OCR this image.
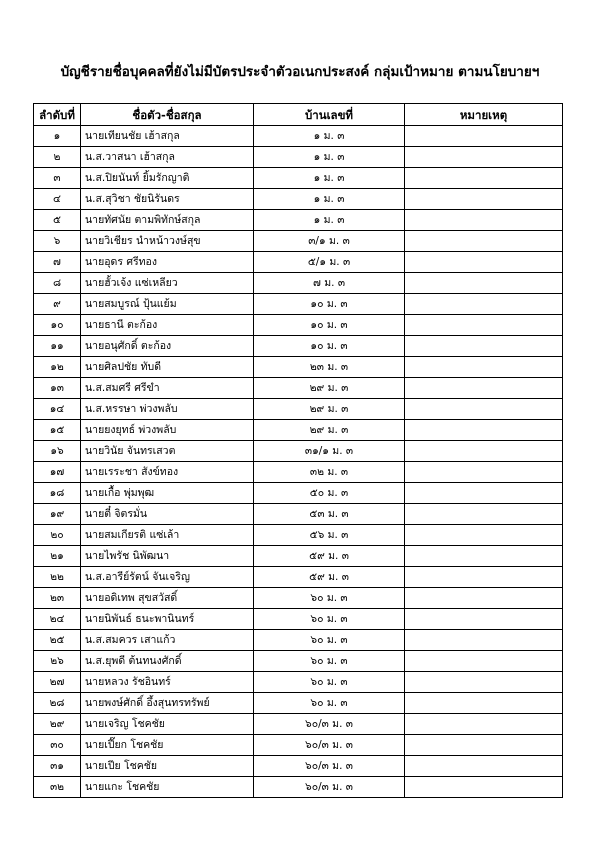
บัญชีรายชื่อบุคคลที่ยังไม่มีบัตรประจำตัวอเนกประสงค์ กลุ่มเป้าหมาย ตามนโยบายฯ
ลำดับที่	ชื่อตัว-ชื่อสกุล	บ้านเลขที่	หมายเหตุ
๑	นายเทียนชัย เฮ้าสกุล	๑ ม. ๓	
๒	น.ส.วาสนา เฮ้าสกุล	๑ ม. ๓	
๓	น.ส.ปิยนันท์ ยิ้มรักญาติ	๑ ม. ๓	
๔	น.ส.สุวิชา ชัยนิรันดร	๑ ม. ๓	
๕	นายทัศนัย ตามพิทักษ์สกุล	๑ ม. ๓	
๖	นายวิเชียร นำหน้าวงษ์สุข	๓/๑ ม. ๓	
๗	นายอุดร ศรีทอง	๕/๑ ม. ๓	
๘	นายฮั้วเจ้ง แซ่เหลียว	๗ ม. ๓	
๙	นายสมบูรณ์ ปุ้นแย้ม	๑๐ ม. ๓	
๑๐	นายธานี ตะก้อง	๑๐ ม. ๓	
๑๑	นายอนุศักดิ์ ตะก้อง	๑๐ ม. ๓	
๑๒	นายศิลปชัย ทับดี	๒๓ ม. ๓	
๑๓	น.ส.สมศรี ศรีขำ	๒๙ ม. ๓	
๑๔	น.ส.หรรษา พ่วงพลับ	๒๙ ม. ๓	
๑๕	นายยงยุทธ์ พ่วงพลับ	๒๙ ม. ๓	
๑๖	นายวินัย จันทรเสวต	๓๑/๑ ม. ๓	
๑๗	นายเรระชา สังข์ทอง	๓๒ ม. ๓	
๑๘	นายเกื้อ พุ่มพุฒ	๕๐ ม. ๓	
๑๙	นายตี๋ จิตรมั่น	๕๓ ม. ๓	
๒๐	นายสมเกียรติ แซ่เล้า	๕๖ ม. ๓	
๒๑	นายไพรัช นิพัฒนา	๕๙ ม. ๓	
๒๒	น.ส.อารีย์รัตน์ จันเจริญ	๕๙ ม. ๓	
๒๓	นายอดิเทพ สุขสวัสดิ์	๖๐ ม. ๓	
๒๔	นายนิพันธ์ ธนะพานินทร์	๖๐ ม. ๓	
๒๕	น.ส.สมควร เสาแก้ว	๖๐ ม. ๓	
๒๖	น.ส.ยุพดี ต้นทนงศักดิ์	๖๐ ม. ๓	
๒๗	นายหลวง รัชอินทร์	๖๐ ม. ๓	
๒๘	นายพงษ์ศักดิ์ อึ้งสุนทรทรัพย์	๖๐ ม. ๓	
๒๙	นายเจริญ โชคชัย	๖๐/๓ ม. ๓	
๓๐	นายเปี๊ยก โชคชัย	๖๐/๓ ม. ๓	
๓๑	นายเปีย โชคชัย	๖๐/๓ ม. ๓	
๓๒	นายแกะ โชคชัย	๖๐/๓ ม. ๓	
